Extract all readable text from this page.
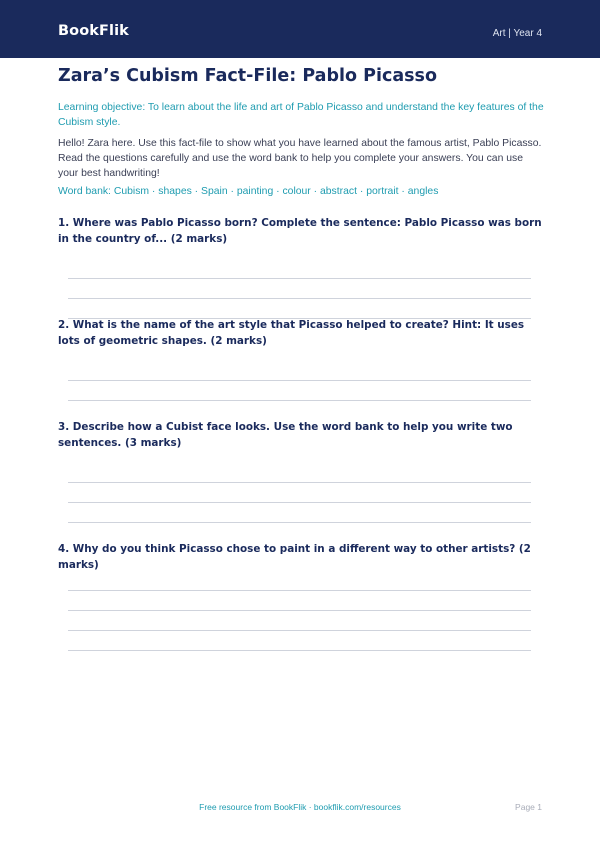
BookFlik	Art | Year 4
Zara’s Cubism Fact-File: Pablo Picasso

Learning objective: To learn about the life and art of Pablo Picasso and understand the key features of the Cubism style.

Hello! Zara here. Use this fact-file to show what you have learned about the famous artist, Pablo Picasso. Read the questions carefully and use the word bank to help you complete your answers. You can use your best handwriting!

Word bank: Cubism · shapes · Spain · painting · colour · abstract · portrait · angles

1. Where was Pablo Picasso born? Complete the sentence: Pablo Picasso was born in the country of... (2 marks)

2. What is the name of the art style that Picasso helped to create? Hint: It uses lots of geometric shapes. (2 marks)

3. Describe how a Cubist face looks. Use the word bank to help you write two sentences. (3 marks)

4. Why do you think Picasso chose to paint in a different way to other artists? (2 marks)

Free resource from BookFlik · bookflik.com/resources	Page 1
